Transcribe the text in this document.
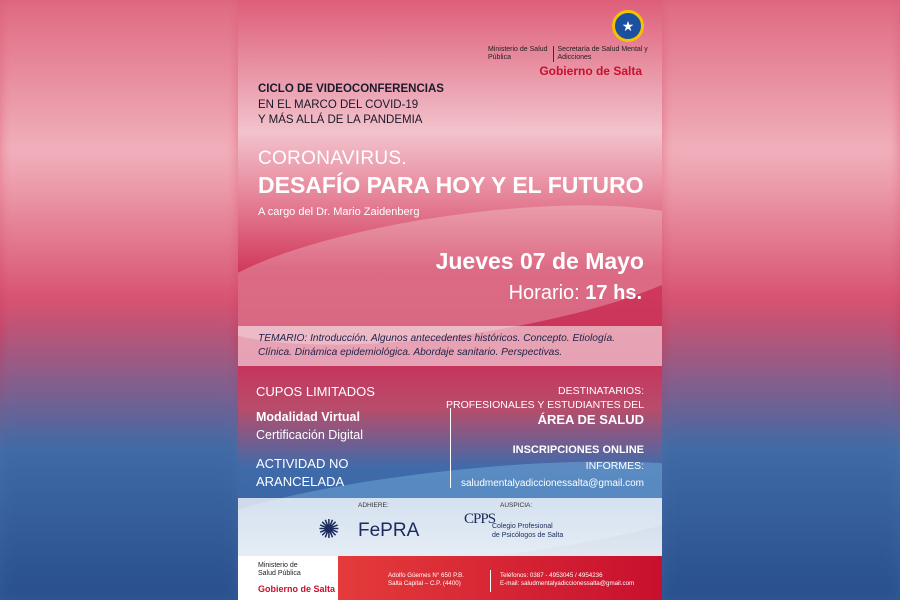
★
Ministerio de Salud Pública
Secretaría de Salud Mental y Adicciones
Gobierno de Salta
CICLO DE VIDEOCONFERENCIAS
EN EL MARCO DEL COVID-19
Y MÁS ALLÁ DE LA PANDEMIA
CORONAVIRUS.
DESAFÍO PARA HOY Y EL FUTURO
A cargo del Dr. Mario Zaidenberg
Jueves 07 de Mayo
Horario: 17 hs.
TEMARIO: Introducción. Algunos antecedentes históricos. Concepto. Etiología. Clínica. Dinámica epidemiológica. Abordaje sanitario. Perspectivas.
CUPOS LIMITADOS
Modalidad Virtual
Certificación Digital
ACTIVIDAD NO
ARANCELADA
DESTINATARIOS:
PROFESIONALES Y ESTUDIANTES DEL
ÁREA DE SALUD
INSCRIPCIONES ONLINE
INFORMES:
saludmentalyadiccionessalta@gmail.com
ADHIERE:	AUSPICIA:
✺ FePRA
CPPS
Colegio Profesional
de Psicólogos de Salta
Ministerio de
Salud Pública
Gobierno de Salta
Adolfo Güemes N° 650 P.B.
Salta Capital – C.P. (4400)
Teléfonos: 0387 - 4953045 / 4954236
E-mail: saludmentalyadiccionessalta@gmail.com
